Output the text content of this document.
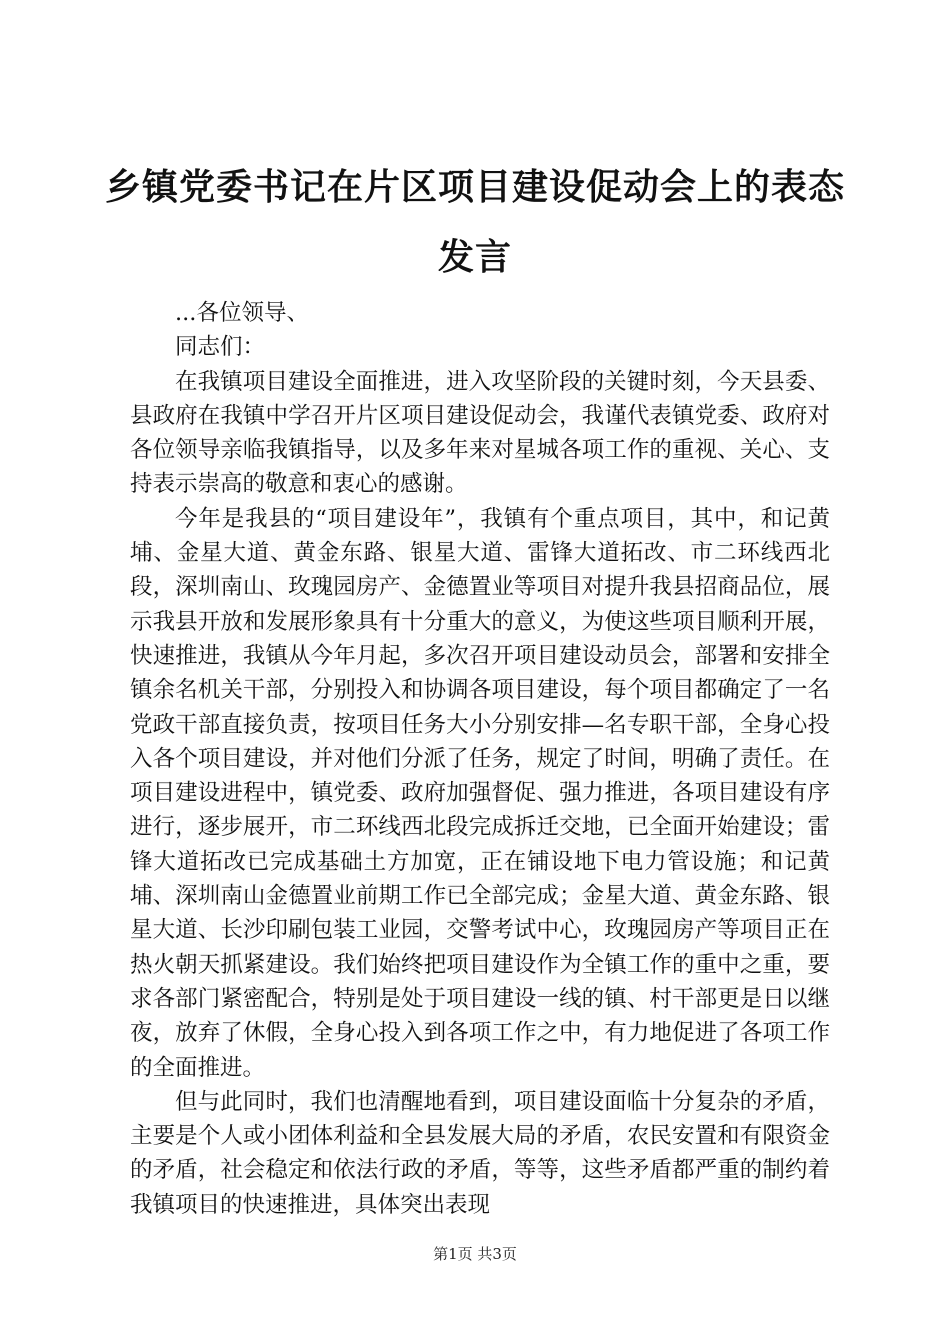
乡镇党委书记在片区项目建设促动会上的表态发言

...各位领导、

同志们：

在我镇项目建设全面推进，进入攻坚阶段的关键时刻，今天县委、县政府在我镇中学召开片区项目建设促动会，我谨代表镇党委、政府对各位领导亲临我镇指导，以及多年来对星城各项工作的重视、关心、支持表示崇高的敬意和衷心的感谢。

今年是我县的“项目建设年”，我镇有个重点项目，其中，和记黄埔、金星大道、黄金东路、银星大道、雷锋大道拓改、市二环线西北段，深圳南山、玫瑰园房产、金德置业等项目对提升我县招商品位，展示我县开放和发展形象具有十分重大的意义，为使这些项目顺利开展，快速推进，我镇从今年月起，多次召开项目建设动员会，部署和安排全镇余名机关干部，分别投入和协调各项目建设，每个项目都确定了一名党政干部直接负责，按项目任务大小分别安排—名专职干部，全身心投入各个项目建设，并对他们分派了任务，规定了时间，明确了责任。在项目建设进程中，镇党委、政府加强督促、强力推进，各项目建设有序进行，逐步展开，市二环线西北段完成拆迁交地，已全面开始建设；雷锋大道拓改已完成基础土方加宽，正在铺设地下电力管设施；和记黄埔、深圳南山金德置业前期工作已全部完成；金星大道、黄金东路、银星大道、长沙印刷包装工业园，交警考试中心，玫瑰园房产等项目正在热火朝天抓紧建设。我们始终把项目建设作为全镇工作的重中之重，要求各部门紧密配合，特别是处于项目建设一线的镇、村干部更是日以继夜，放弃了休假，全身心投入到各项工作之中，有力地促进了各项工作的全面推进。

但与此同时，我们也清醒地看到，项目建设面临十分复杂的矛盾，主要是个人或小团体利益和全县发展大局的矛盾，农民安置和有限资金的矛盾，社会稳定和依法行政的矛盾，等等，这些矛盾都严重的制约着我镇项目的快速推进，具体突出表现

第1页 共3页
